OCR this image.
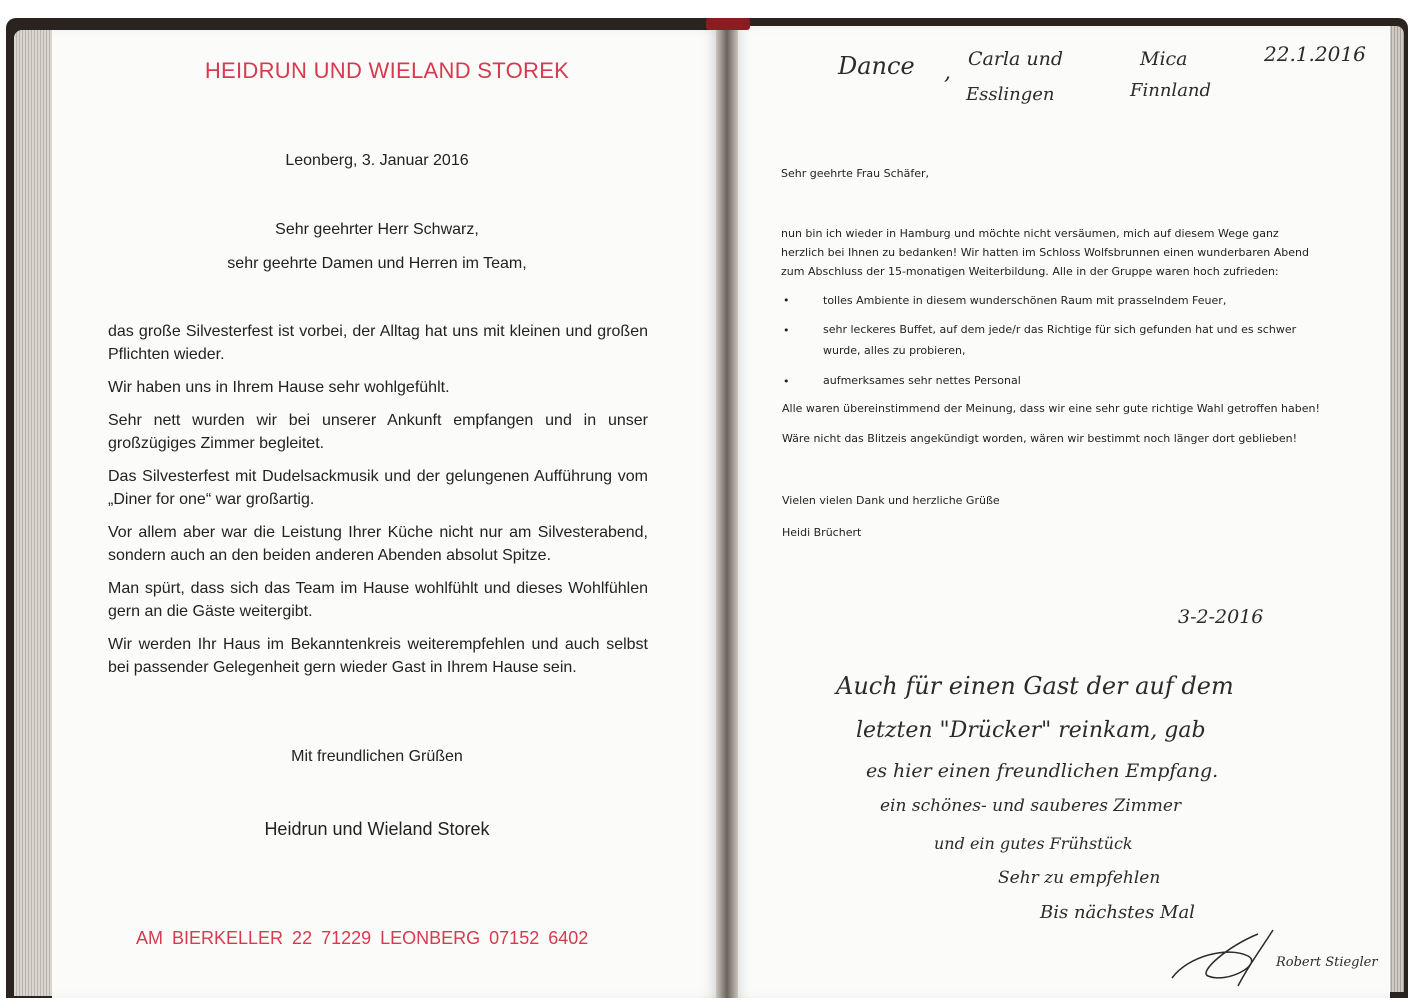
HEIDRUN UND WIELAND STOREK
Leonberg, 3. Januar 2016
Sehr geehrter Herr Schwarz,
sehr geehrte Damen und Herren im Team,

das große Silvesterfest ist vorbei, der Alltag hat uns mit kleinen und großen Pflichten wieder.

Wir haben uns in Ihrem Hause sehr wohlgefühlt.

Sehr nett wurden wir bei unserer Ankunft empfangen und in unser großzügiges Zimmer begleitet.

Das Silvesterfest mit Dudelsackmusik und der gelungenen Aufführung vom „Diner for one“ war großartig.

Vor allem aber war die Leistung Ihrer Küche nicht nur am Silvesterabend, sondern auch an den beiden anderen Abenden absolut Spitze.

Man spürt, dass sich das Team im Hause wohlfühlt und dieses Wohlfühlen gern an die Gäste weitergibt.

Wir werden Ihr Haus im Bekanntenkreis weiterempfehlen und auch selbst bei passender Gelegenheit gern wieder Gast in Ihrem Hause sein.

Mit freundlichen Grüßen
Heidrun und Wieland Storek
AM BIERKELLER 22 71229 LEONBERG 07152 6402
Dance ,
Carla und	Mica	22.1.2016
Esslingen	Finnland
Sehr geehrte Frau Schäfer,
nun bin ich wieder in Hamburg und möchte nicht versäumen, mich auf diesem Wege ganz herzlich bei Ihnen zu bedanken! Wir hatten im Schloss Wolfsbrunnen einen wunderbaren Abend zum Abschluss der 15-monatigen Weiterbildung. Alle in der Gruppe waren hoch zufrieden:
•	tolles Ambiente in diesem wunderschönen Raum mit prasselndem Feuer,
•	sehr leckeres Buffet, auf dem jede/r das Richtige für sich gefunden hat und es schwer wurde, alles zu probieren,
•	aufmerksames sehr nettes Personal
Alle waren übereinstimmend der Meinung, dass wir eine sehr gute richtige Wahl getroffen haben!
Wäre nicht das Blitzeis angekündigt worden, wären wir bestimmt noch länger dort geblieben!
Vielen vielen Dank und herzliche Grüße
Heidi Brüchert
3-2-2016
Auch für einen Gast der auf dem
letzten "Drücker" reinkam, gab
es hier einen freundlichen Empfang.
ein schönes- und sauberes Zimmer
und ein gutes Frühstück
Sehr zu empfehlen
Bis nächstes Mal
Robert Stiegler
